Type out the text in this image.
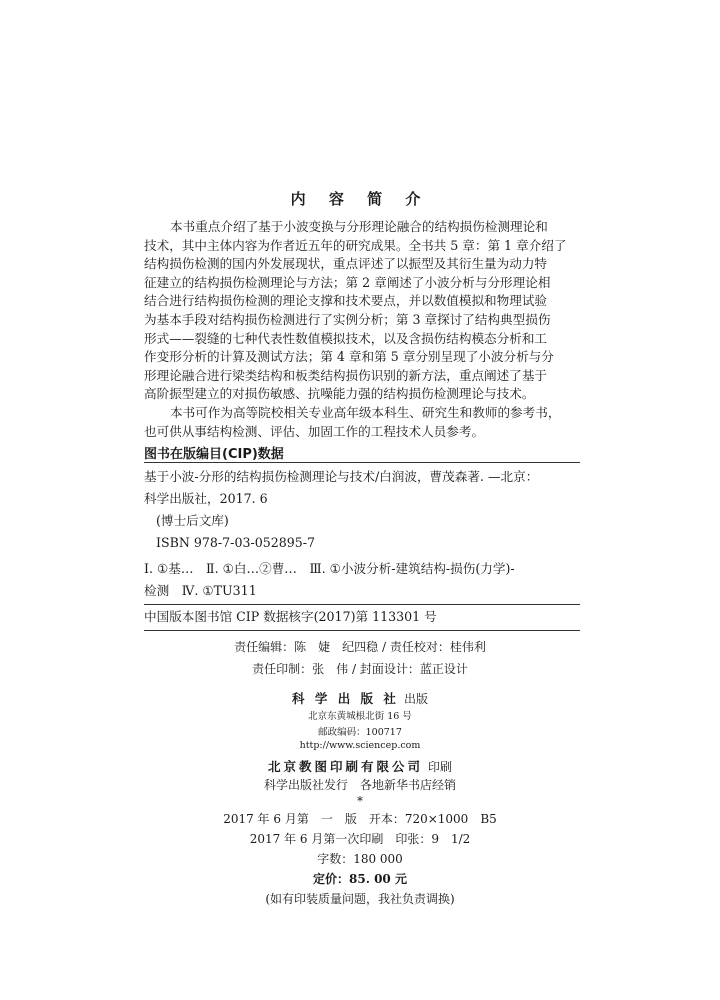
内 容 简 介
本书重点介绍了基于小波变换与分形理论融合的结构损伤检测理论和
技术，其中主体内容为作者近五年的研究成果。全书共 5 章：第 1 章介绍了
结构损伤检测的国内外发展现状，重点评述了以振型及其衍生量为动力特
征建立的结构损伤检测理论与方法；第 2 章阐述了小波分析与分形理论相
结合进行结构损伤检测的理论支撑和技术要点，并以数值模拟和物理试验
为基本手段对结构损伤检测进行了实例分析；第 3 章探讨了结构典型损伤
形式——裂缝的七种代表性数值模拟技术，以及含损伤结构模态分析和工
作变形分析的计算及测试方法；第 4 章和第 5 章分别呈现了小波分析与分
形理论融合进行梁类结构和板类结构损伤识别的新方法，重点阐述了基于
高阶振型建立的对损伤敏感、抗噪能力强的结构损伤检测理论与技术。
本书可作为高等院校相关专业高年级本科生、研究生和教师的参考书，
也可供从事结构检测、评估、加固工作的工程技术人员参考。
图书在版编目(CIP)数据
基于小波-分形的结构损伤检测理论与技术/白润波，曹茂森著. —北京：
科学出版社，2017. 6
(博士后文库)
ISBN 978-7-03-052895-7
Ⅰ. ①基…　Ⅱ. ①白…②曹…　Ⅲ. ①小波分析-建筑结构-损伤(力学)-
检测　Ⅳ. ①TU311
中国版本图书馆 CIP 数据核字(2017)第 113301 号
责任编辑：陈　婕　纪四稳 / 责任校对：桂伟利
责任印制：张　伟 / 封面设计：蓝正设计
科 学 出 版 社 出版
北京东黄城根北街 16 号
邮政编码：100717
http://www.sciencep.com
北京教图印刷有限公司 印刷
科学出版社发行　各地新华书店经销
*
2017 年 6 月第　一　版　开本：720×1000　B5
2017 年 6 月第一次印刷　印张：9　1/2
字数：180 000
定价：85. 00 元
(如有印装质量问题，我社负责调换)
